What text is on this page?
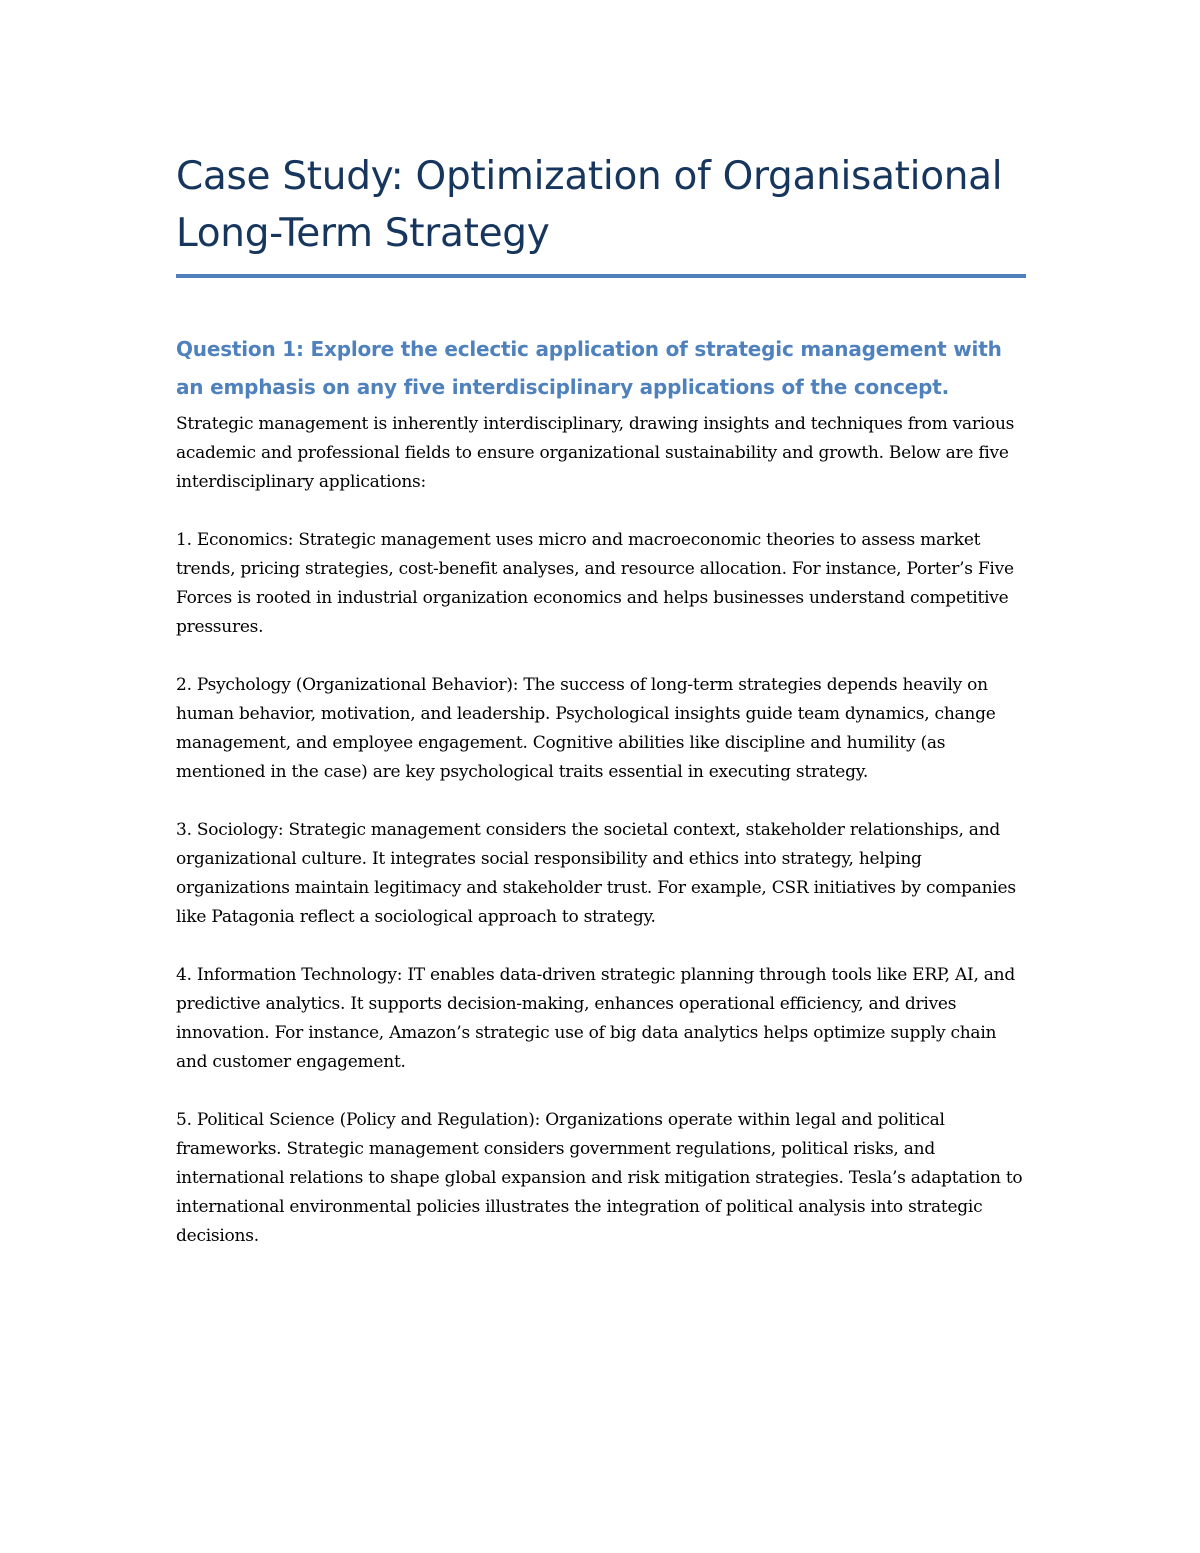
Case Study: Optimization of Organisational Long-Term Strategy
Question 1: Explore the eclectic application of strategic management with an emphasis on any five interdisciplinary applications of the concept.

Strategic management is inherently interdisciplinary, drawing insights and techniques from various academic and professional fields to ensure organizational sustainability and growth. Below are five interdisciplinary applications:

1. Economics: Strategic management uses micro and macroeconomic theories to assess market trends, pricing strategies, cost-benefit analyses, and resource allocation. For instance, Porter’s Five Forces is rooted in industrial organization economics and helps businesses understand competitive pressures.

2. Psychology (Organizational Behavior): The success of long-term strategies depends heavily on human behavior, motivation, and leadership. Psychological insights guide team dynamics, change management, and employee engagement. Cognitive abilities like discipline and humility (as mentioned in the case) are key psychological traits essential in executing strategy.

3. Sociology: Strategic management considers the societal context, stakeholder relationships, and organizational culture. It integrates social responsibility and ethics into strategy, helping organizations maintain legitimacy and stakeholder trust. For example, CSR initiatives by companies like Patagonia reflect a sociological approach to strategy.

4. Information Technology: IT enables data-driven strategic planning through tools like ERP, AI, and predictive analytics. It supports decision-making, enhances operational efficiency, and drives innovation. For instance, Amazon’s strategic use of big data analytics helps optimize supply chain and customer engagement.

5. Political Science (Policy and Regulation): Organizations operate within legal and political frameworks. Strategic management considers government regulations, political risks, and international relations to shape global expansion and risk mitigation strategies. Tesla’s adaptation to international environmental policies illustrates the integration of political analysis into strategic decisions.
